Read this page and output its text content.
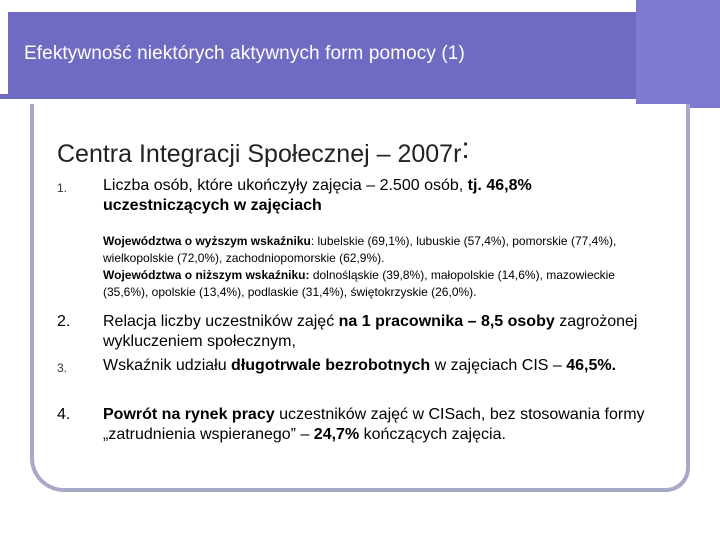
Efektywność niektórych aktywnych form pomocy (1)
Centra Integracji Społecznej – 2007r:
1. Liczba osób, które ukończyły zajęcia – 2.500 osób, tj. 46,8% uczestniczących w zajęciach
Województwa o wyższym wskaźniku: lubelskie (69,1%), lubuskie (57,4%), pomorskie (77,4%), wielkopolskie (72,0%), zachodniopomorskie (62,9%).
Województwa o niższym wskaźniku: dolnośląskie (39,8%), małopolskie (14,6%), mazowieckie (35,6%), opolskie (13,4%), podlaskie (31,4%), świętokrzyskie (26,0%).
2. Relacja liczby uczestników zajęć na 1 pracownika – 8,5 osoby zagrożonej wykluczeniem społecznym,
3. Wskaźnik udziału długotrwale bezrobotnych w zajęciach CIS – 46,5%.
4. Powrót na rynek pracy uczestników zajęć w CISach, bez stosowania formy „zatrudnienia wspieranego” – 24,7% kończących zajęcia.
